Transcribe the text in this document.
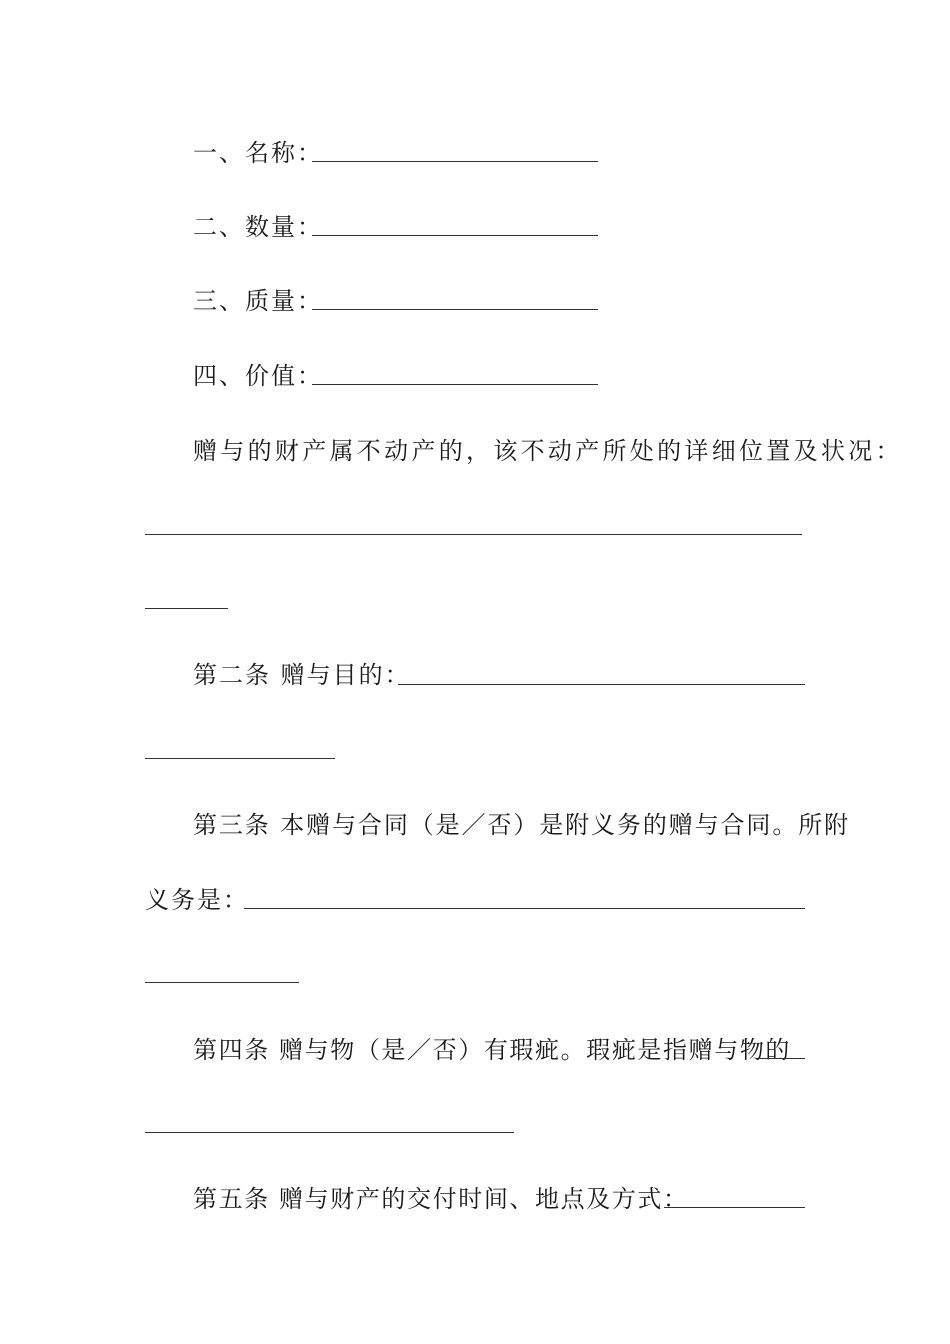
一、名称：
二、数量：
三、质量：
四、价值：
赠与的财产属不动产的，该不动产所处的详细位置及状况：
第二条 赠与目的：
第三条 本赠与合同（是／否）是附义务的赠与合同。所附
义务是：
第四条 赠与物（是／否）有瑕疵。瑕疵是指赠与物的
第五条 赠与财产的交付时间、地点及方式：
